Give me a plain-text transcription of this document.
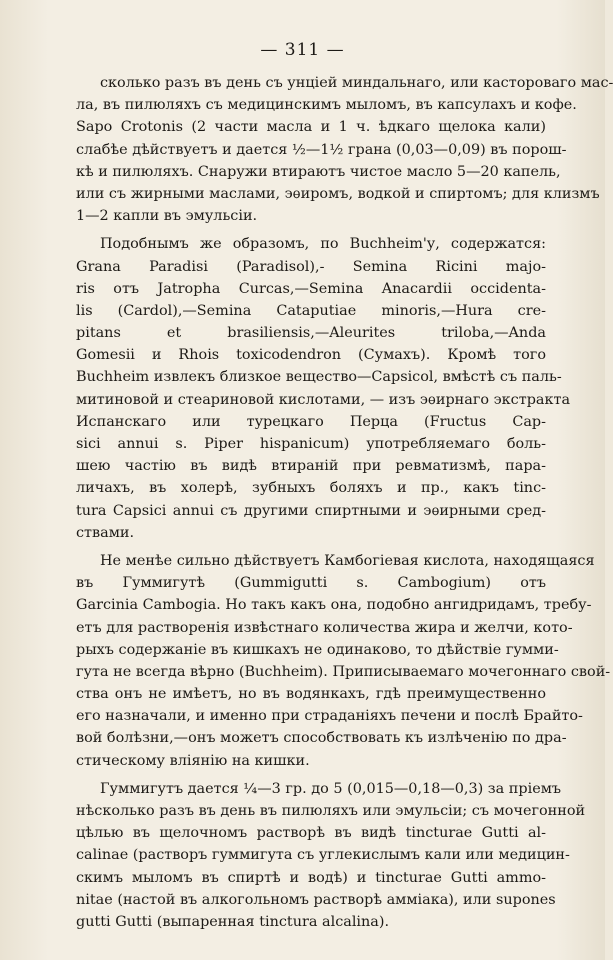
— 311 —
сколько разъ въ день съ унціей миндальнаго, или касторовaго мас-
ла, въ пилюляхъ съ медицинскимъ мыломъ, въ капсулахъ и кофе.
Sapo Crotonis (2 части масла и 1 ч. ѣдкаго щелока кали)
слабѣе дѣйствуетъ и дается ½—1½ грана (0,03—0,09) въ порош-
кѣ и пилюляхъ. Снаружи втираютъ чистое масло 5—20 капель,
или съ жирными маслами, эѳиромъ, водкой и спиртомъ; для клизмъ
1—2 капли въ эмульсіи.
Подобнымъ же образомъ, по Buchheim'у, содержатся:
Grana Paradisi (Paradisol),- Semina Ricini majo-
ris отъ Jatropha Curcas,—Semina Anacardii occidenta-
lis (Cardol),—Semina Cataputiae minoris,—Hura cre-
pitans et brasiliensis,—Aleurites triloba,—Anda
Gomesii и Rhois toxicodendron (Сумахъ). Кромѣ того
Buchheim извлекъ близкое вещество—Capsicol, вмѣстѣ съ паль-
митиновой и стеариновой кислотами, — изъ эѳирнаго экстракта
Испанскаго или турецкаго Перца (Fructus Cap-
sici annui s. Piper hispanicum) употребляемаго боль-
шею частію въ видѣ втираній при ревматизмѣ, пара-
личахъ, въ холерѣ, зубныхъ боляхъ и пр., какъ tinc-
tura Capsici annui съ другими спиртными и эѳирными сред-
ствами.
Не менѣе сильно дѣйствуетъ Камбогіевая кислота, находящаяся
въ Гуммигутѣ (Gummigutti s. Cambogium) отъ
Garcinia Cambogia. Но такъ какъ она, подобно ангидридамъ, требу-
етъ для растворенія извѣстнаго количества жира и желчи, кото-
рыхъ содержаніе въ кишкахъ не одинаково, то дѣйствіе гумми-
гута не всегда вѣрно (Buchheim). Приписываемаго мочегоннаго свой-
ства онъ не имѣетъ, но въ водянкахъ, гдѣ преимущественно
его назначали, и именно при страданіяхъ печени и послѣ Брайто-
вой болѣзни,—онъ можетъ способствовать къ излѣченію по дра-
стическому вліянію на кишки.
Гуммигутъ дается ¼—3 гр. до 5 (0,015—0,18—0,3) за пріемъ
нѣсколько разъ въ день въ пилюляхъ или эмульсіи; съ мочегонной
цѣлью въ щелочномъ растворѣ въ видѣ tincturae Gutti al-
calinae (растворъ гуммигута съ углекислымъ кали или медицин-
скимъ мыломъ въ спиртѣ и водѣ) и tincturae Gutti ammo-
nitae (настой въ алкогольномъ растворѣ амміака), или supones
gutti Gutti (выпаренная tinctura alcalina).
